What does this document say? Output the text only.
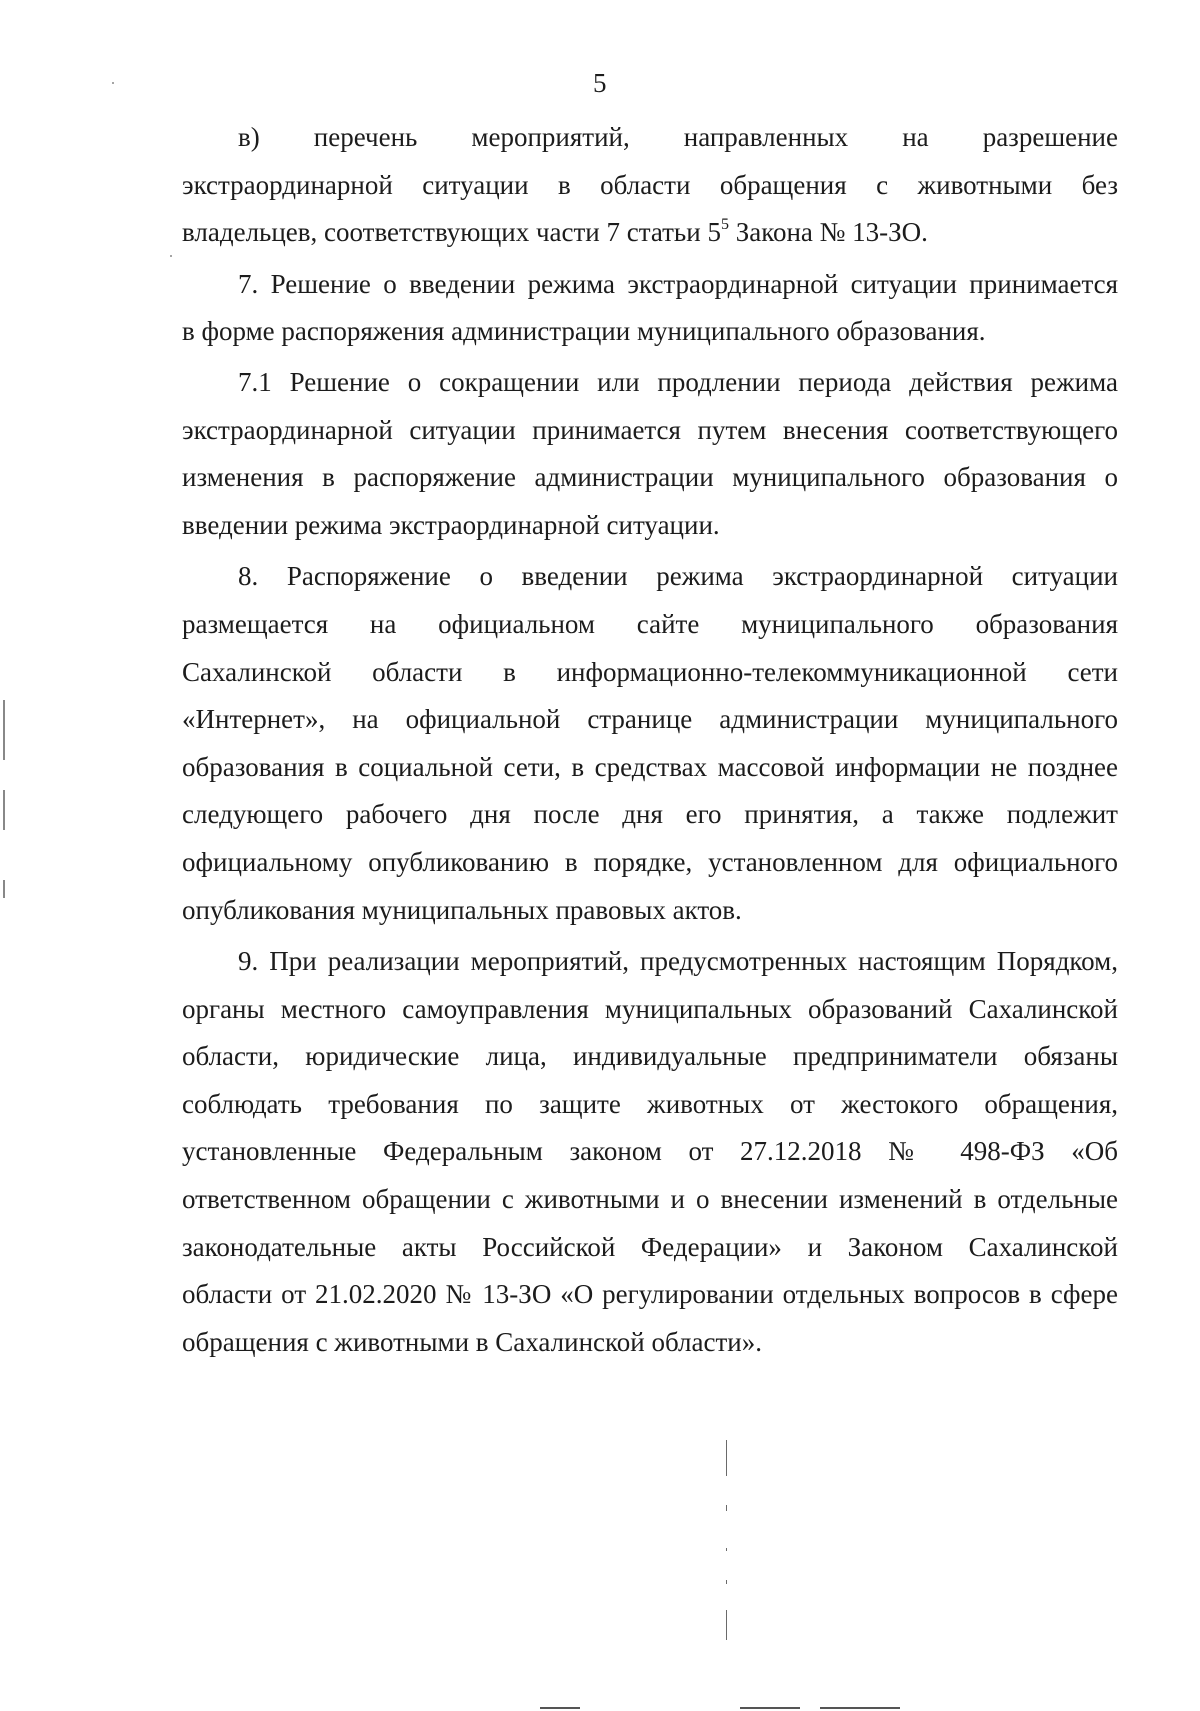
5
в) перечень мероприятий, направленных на разрешение
экстраординарной ситуации в области обращения с животными без
владельцев, соответствующих части 7 статьи $5^5$ Закона № 13-ЗО.
7. Решение о введении режима экстраординарной ситуации принимается
в форме распоряжения администрации муниципального образования.
7.1 Решение о сокращении или продлении периода действия режима
экстраординарной ситуации принимается путем внесения соответствующего
изменения в распоряжение администрации муниципального образования о
введении режима экстраординарной ситуации.
8. Распоряжение о введении режима экстраординарной ситуации
размещается на официальном сайте муниципального образования
Сахалинской области в информационно-телекоммуникационной сети
«Интернет», на официальной странице администрации муниципального
образования в социальной сети, в средствах массовой информации не позднее
следующего рабочего дня после дня его принятия, а также подлежит
официальному опубликованию в порядке, установленном для официального
опубликования муниципальных правовых актов.
9. При реализации мероприятий, предусмотренных настоящим Порядком,
органы местного самоуправления муниципальных образований Сахалинской
области, юридические лица, индивидуальные предприниматели обязаны
соблюдать требования по защите животных от жестокого обращения,
установленные Федеральным законом от 27.12.2018 № 498-ФЗ «Об
ответственном обращении с животными и о внесении изменений в отдельные
законодательные акты Российской Федерации» и Законом Сахалинской
области от 21.02.2020 № 13-ЗО «О регулировании отдельных вопросов в сфере
обращения с животными в Сахалинской области».
